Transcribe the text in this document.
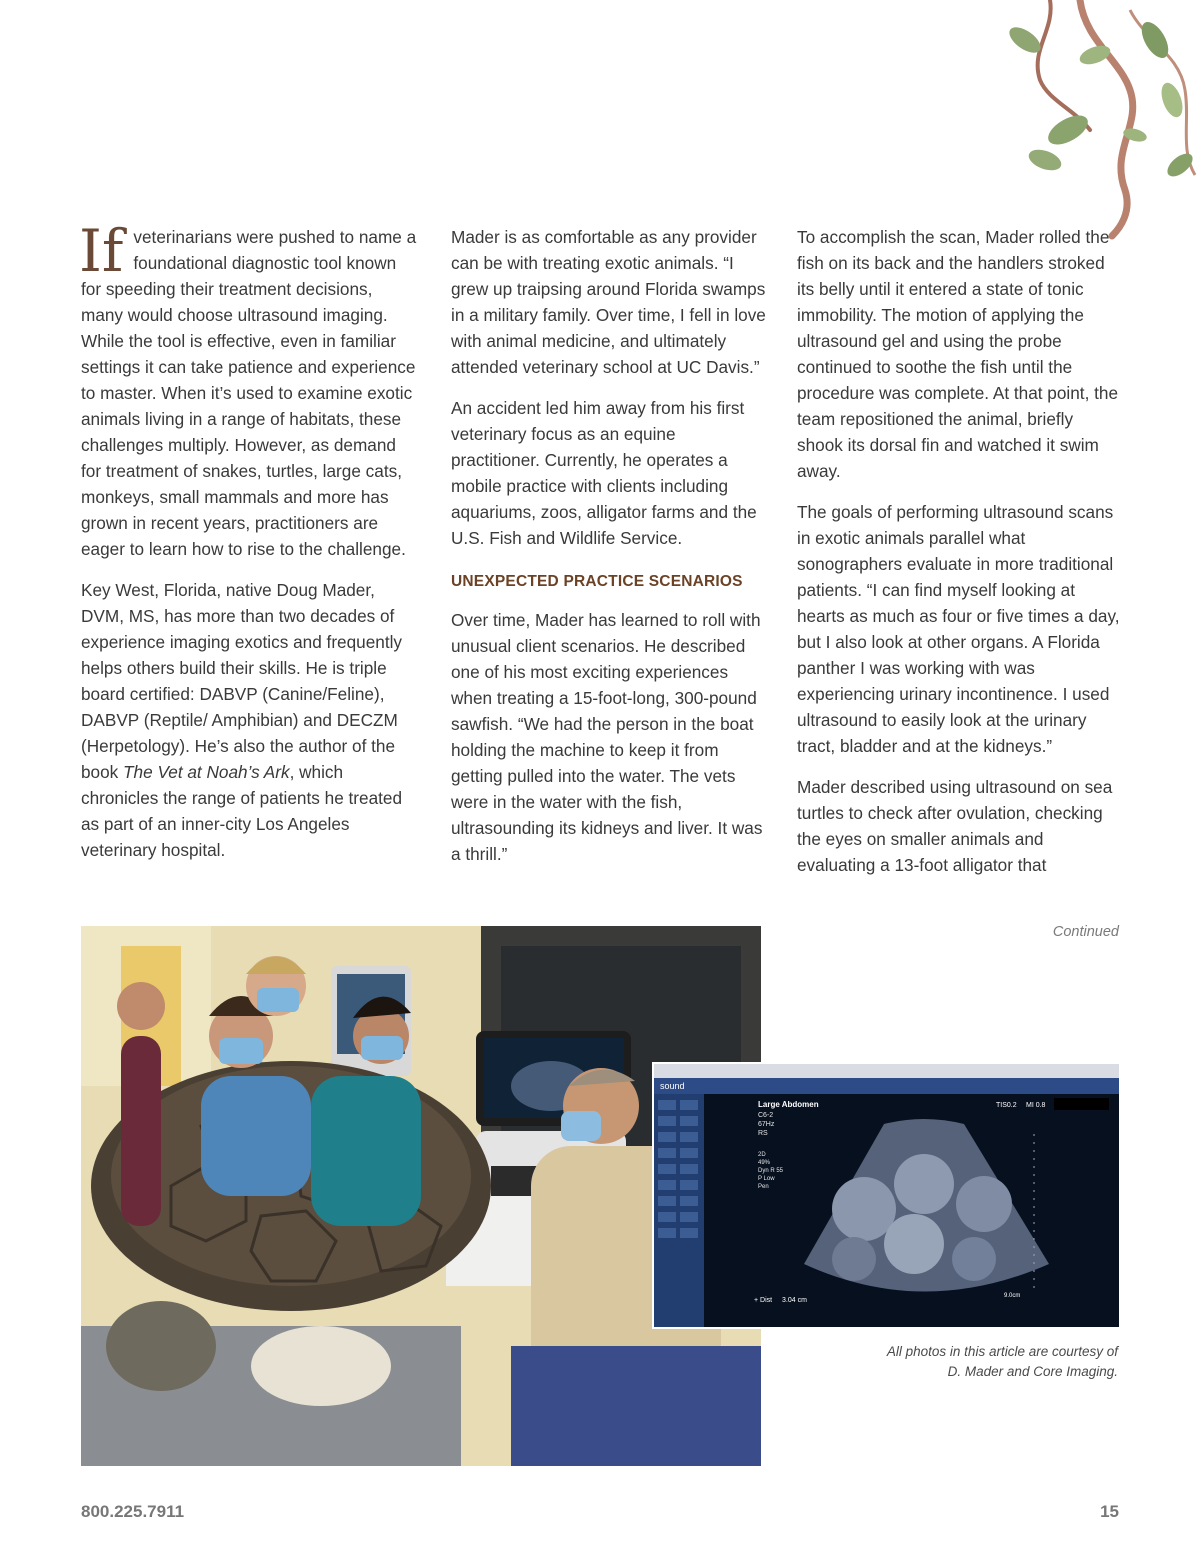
If veterinarians were pushed to name a foundational diagnostic tool known for speeding their treatment decisions, many would choose ultrasound imaging. While the tool is effective, even in familiar settings it can take patience and experience to master. When it’s used to examine exotic animals living in a range of habitats, these challenges multiply. However, as demand for treatment of snakes, turtles, large cats, monkeys, small mammals and more has grown in recent years, practitioners are eager to learn how to rise to the challenge.

Key West, Florida, native Doug Mader, DVM, MS, has more than two decades of experience imaging exotics and frequently helps others build their skills. He is triple board certified: DABVP (Canine/Feline), DABVP (Reptile/ Amphibian) and DECZM (Herpetology). He’s also the author of the book The Vet at Noah’s Ark, which chronicles the range of patients he treated as part of an inner-city Los Angeles veterinary hospital.

Mader is as comfortable as any provider can be with treating exotic animals. “I grew up traipsing around Florida swamps in a military family. Over time, I fell in love with animal medicine, and ultimately attended veterinary school at UC Davis.”

An accident led him away from his first veterinary focus as an equine practitioner. Currently, he operates a mobile practice with clients including aquariums, zoos, alligator farms and the U.S. Fish and Wildlife Service.

UNEXPECTED PRACTICE SCENARIOS

Over time, Mader has learned to roll with unusual client scenarios. He described one of his most exciting experiences when treating a 15-foot-long, 300-pound sawfish. “We had the person in the boat holding the machine to keep it from getting pulled into the water. The vets were in the water with the fish, ultrasounding its kidneys and liver. It was a thrill.”

To accomplish the scan, Mader rolled the fish on its back and the handlers stroked its belly until it entered a state of tonic immobility. The motion of applying the ultrasound gel and using the probe continued to soothe the fish until the procedure was complete. At that point, the team repositioned the animal, briefly shook its dorsal fin and watched it swim away.

The goals of performing ultrasound scans in exotic animals parallel what sonographers evaluate in more traditional patients. “I can find myself looking at hearts as much as four or five times a day, but I also look at other organs. A Florida panther I was working with was experiencing urinary incontinence. I used ultrasound to easily look at the urinary tract, bladder and at the kidneys.”

Mader described using ultrasound on sea turtles to check after ovulation, checking the eyes on smaller animals and evaluating a 13-foot alligator that

Continued
sound
Large Abdomen
C6-2
67Hz
RS
2D
49%
Dyn R 55
P Low
Pen
TIS0.2 MI 0.8
+ Dist 3.04 cm
9.0cm
All photos in this article are courtesy of
D. Mader and Core Imaging.
800.225.7911	15
